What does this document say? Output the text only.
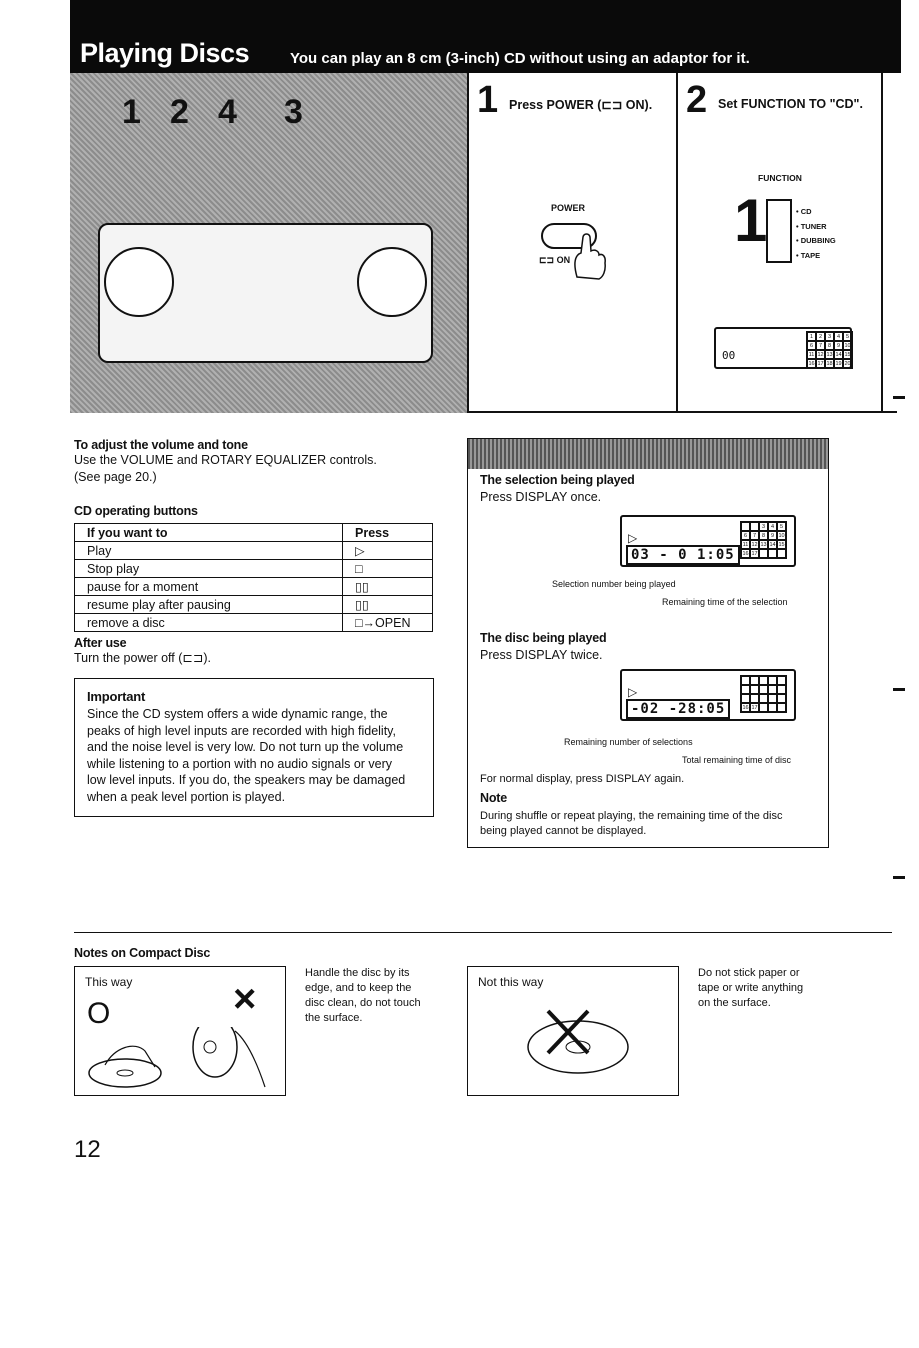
Playing Discs	You can play an 8 cm (3-inch) CD without using an adaptor for it.
1 2 4 3	1 Press POWER (⊏⊐ ON).
POWER
⊏⊐ ON
2 Set FUNCTION TO "CD".
FUNCTION
1	• CD
• TUNER
• DUBBING
• TAPE
00
1	2	3	4	5
6	7	8	9 10
11 12 13 14 15
16 17 18 19 20
To adjust the volume and tone
Use the VOLUME and ROTARY EQUALIZER controls.
(See page 20.)
CD operating buttons
If you want to	Press
Play	▷
Stop play	□
pause for a moment	▯▯
resume play after pausing	▯▯
remove a disc	□→OPEN
After use
Turn the power off (⊏⊐).
Important
Since the CD system offers a wide dynamic range, the
peaks of high level inputs are recorded with high fidelity,
and the noise level is very low. Do not turn up the volume
while listening to a portion with no audio signals or very
low level inputs. If you do, the speakers may be damaged
when a peak level portion is played.
The selection being played
Press DISPLAY once.
▷
03 - 0 1:05
3	4	5
6	7	8	9 10
11 12 13 14 15
16 17
Selection number being played
Remaining time of the selection
The disc being played
Press DISPLAY twice.
▷
-02 -28:05	16 17
Remaining number of selections
Total remaining time of disc
For normal display, press DISPLAY again.
Note
During shuffle or repeat playing, the remaining time of the disc
being played cannot be displayed.
Notes on Compact Disc
This way
O	×
Handle the disc by its
edge, and to keep the
disc clean, do not touch
the surface.
Not this way
Do not stick paper or
tape or write anything
on the surface.
12
